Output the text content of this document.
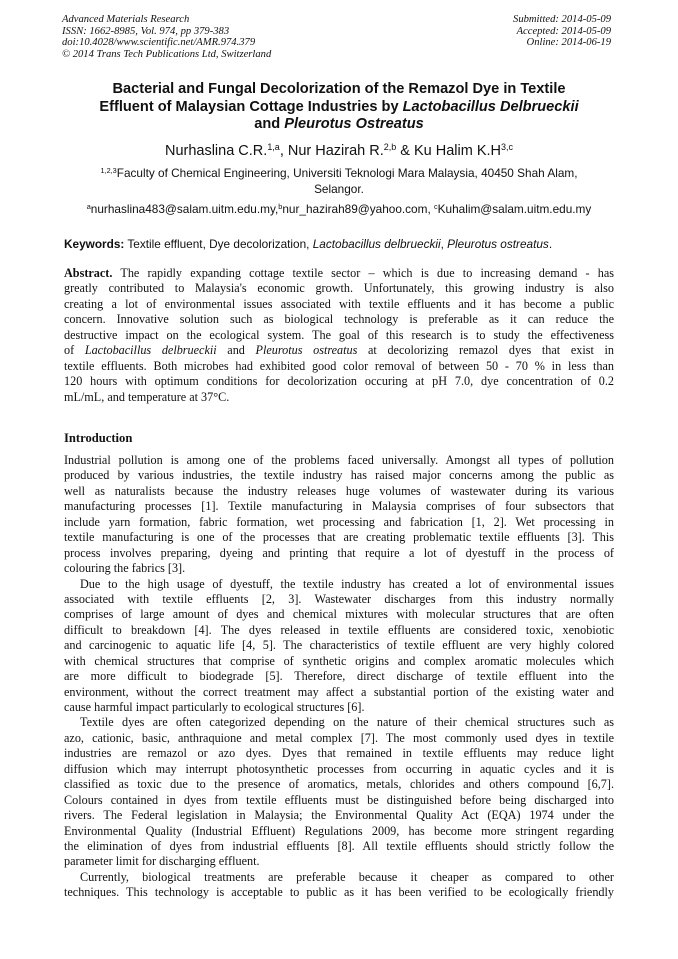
Advanced Materials Research
ISSN: 1662-8985, Vol. 974, pp 379-383
doi:10.4028/www.scientific.net/AMR.974.379
© 2014 Trans Tech Publications Ltd, Switzerland
Submitted: 2014-05-09
Accepted: 2014-05-09
Online: 2014-06-19
Bacterial and Fungal Decolorization of the Remazol Dye in Textile
Effluent of Malaysian Cottage Industries by Lactobacillus Delbrueckii
and Pleurotus Ostreatus
Nurhaslina C.R.$^{1,a}$, Nur Hazirah R.$^{2,b}$ & Ku Halim $K.H^{3,c}$
$^{1,2,3}$Faculty of Chemical Engineering, Universiti Teknologi Mara Malaysia, 40450 Shah Alam,
Selangor.
$^a$nurhaslina483@salam.uitm.edu.my,$^b$nur_hazirah89@yahoo.com, $^c$Kuhalim@salam.uitm.edu.my
Keywords: Textile effluent, Dye decolorization, Lactobacillus delbrueckii, Pleurotus ostreatus.
Abstract. The rapidly expanding cottage textile sector – which is due to increasing demand - has
greatly contributed to Malaysia's economic growth. Unfortunately, this growing industry is also
creating a lot of environmental issues associated with textile effluents and it has become a public
concern. Innovative solution such as biological technology is preferable as it can reduce the
destructive impact on the ecological system. The goal of this research is to study the effectiveness
of Lactobacillus delbrueckii and Pleurotus ostreatus at decolorizing remazol dyes that exist in
textile effluents. Both microbes had exhibited good color removal of between 50 - 70 % in less than
120 hours with optimum conditions for decolorization occuring at pH 7.0, dye concentration of 0.2
mL/mL, and temperature at 37°C.
Introduction
Industrial pollution is among one of the problems faced universally. Amongst all types of pollution
produced by various industries, the textile industry has raised major concerns among the public as
well as naturalists because the industry releases huge volumes of wastewater during its various
manufacturing processes [1]. Textile manufacturing in Malaysia comprises of four subsectors that
include yarn formation, fabric formation, wet processing and fabrication [1, 2]. Wet processing in
textile manufacturing is one of the processes that are creating problematic textile effluents [3]. This
process involves preparing, dyeing and printing that require a lot of dyestuff in the process of
colouring the fabrics [3].
Due to the high usage of dyestuff, the textile industry has created a lot of environmental issues
associated with textile effluents [2, 3]. Wastewater discharges from this industry normally
comprises of large amount of dyes and chemical mixtures with molecular structures that are often
difficult to breakdown [4]. The dyes released in textile effluents are considered toxic, xenobiotic
and carcinogenic to aquatic life [4, 5]. The characteristics of textile effluent are very highly colored
with chemical structures that comprise of synthetic origins and complex aromatic molecules which
are more difficult to biodegrade [5]. Therefore, direct discharge of textile effluent into the
environment, without the correct treatment may affect a substantial portion of the existing water and
cause harmful impact particularly to ecological structures [6].
Textile dyes are often categorized depending on the nature of their chemical structures such as
azo, cationic, basic, anthraquione and metal complex [7]. The most commonly used dyes in textile
industries are remazol or azo dyes. Dyes that remained in textile effluents may reduce light
diffusion which may interrupt photosynthetic processes from occurring in aquatic cycles and it is
classified as toxic due to the presence of aromatics, metals, chlorides and others compound [6,7].
Colours contained in dyes from textile effluents must be distinguished before being discharged into
rivers. The Federal legislation in Malaysia; the Environmental Quality Act (EQA) 1974 under the
Environmental Quality (Industrial Effluent) Regulations 2009, has become more stringent regarding
the elimination of dyes from industrial effluents [8]. All textile effluents should strictly follow the
parameter limit for discharging effluent.
Currently, biological treatments are preferable because it cheaper as compared to other
techniques. This technology is acceptable to public as it has been verified to be ecologically friendly
